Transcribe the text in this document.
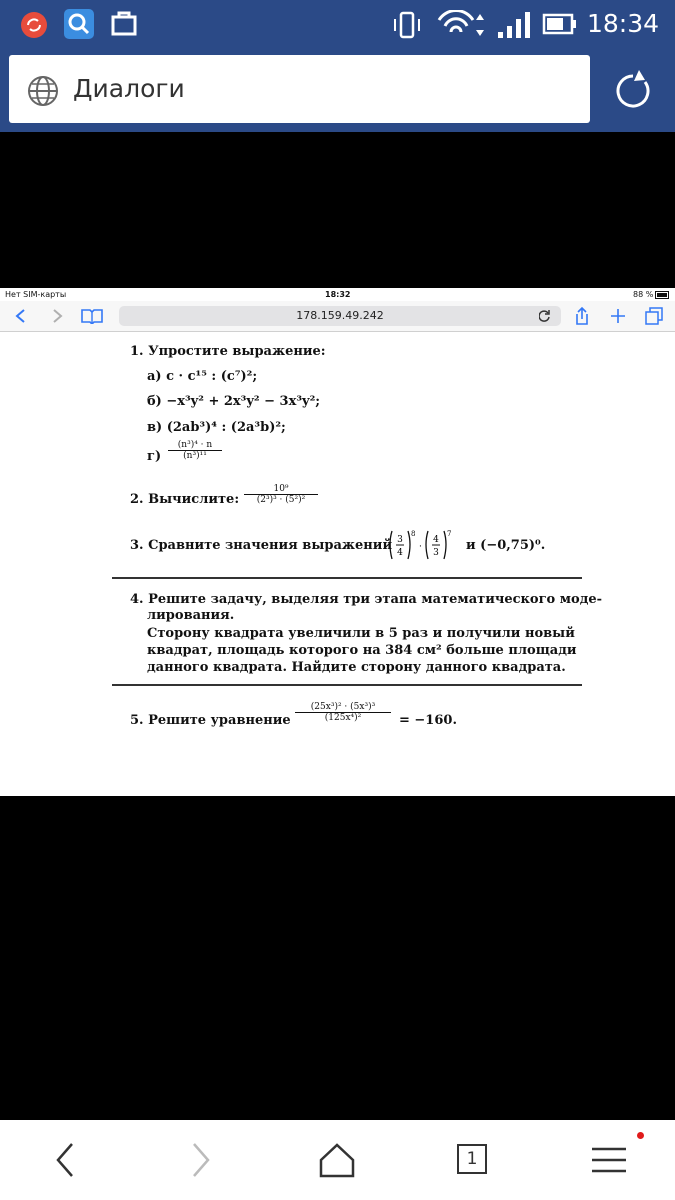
18:34
Диалоги
Нет SIM-карты	18:32	88 %
178.159.49.242
1. Упростите выражение:
а) c · c¹⁵ : (c⁷)²;
б) −x³y² + 2x³y² − 3x³y²;
в) (2ab³)⁴ : (2a³b)²;
$г) \frac{\text{(n³)⁴ · n}}{\text{(n³)¹¹}}$
2. Вычислите: $\frac{\text{10⁹}}{\text{(2³)³ · (5²)²}}$
3. Сравните значения выражений 3
4
8
·
4
3
7
и (−0,75)⁰.
4. Решите задачу, выделяя три этапа математического моде-
лирования.
Сторону квадрата увеличили в 5 раз и получили новый
квадрат, площадь которого на 384 см² больше площади
данного квадрата. Найдите сторону данного квадрата.
5. Решите уравнение $\frac{\text{(25x³)² · (5x³)³}}{\text{(125x⁴)²}} = -160$.
1
